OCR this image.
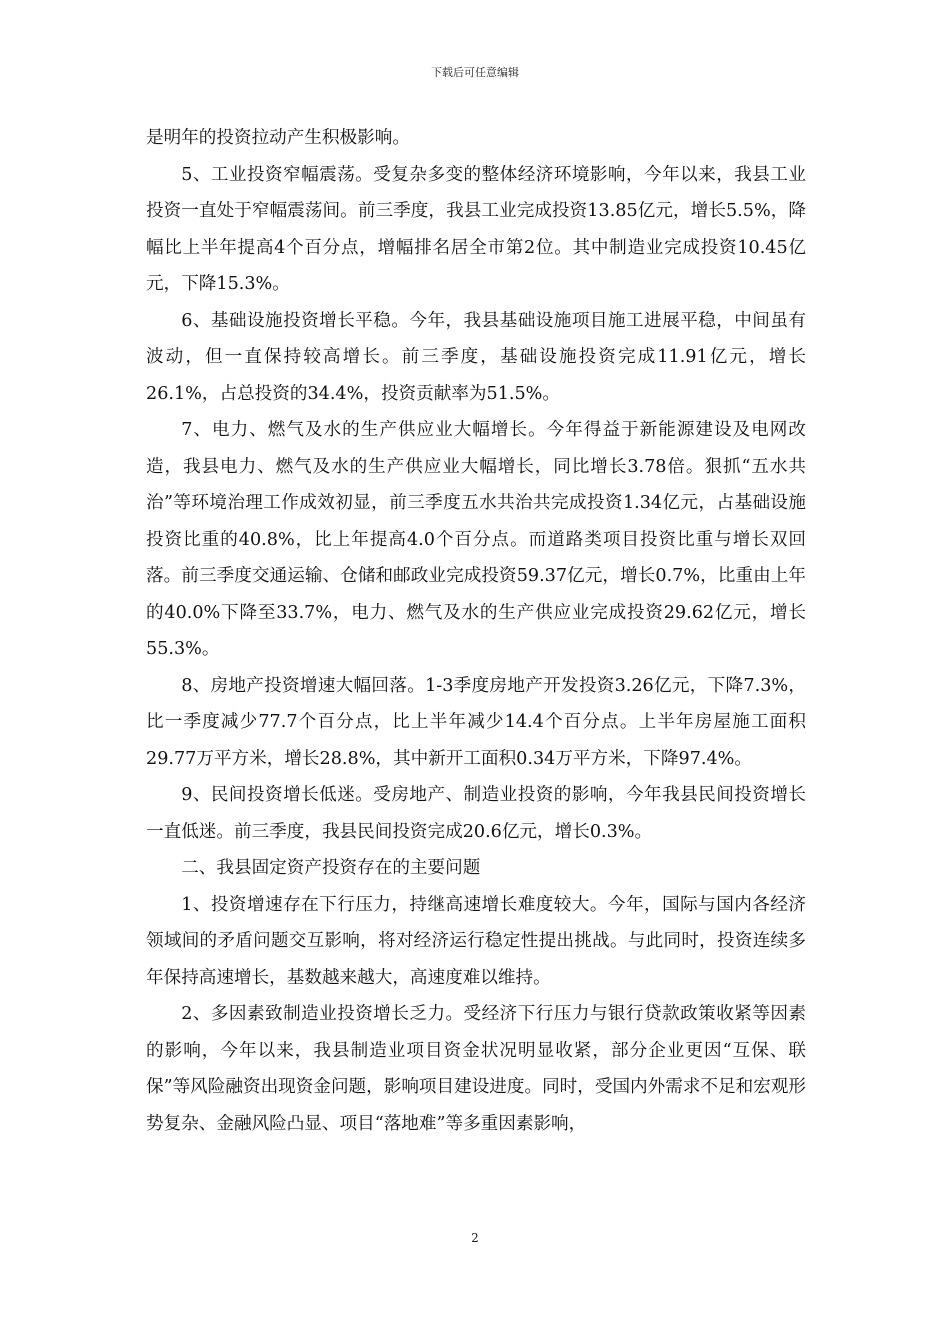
下载后可任意编辑

是明年的投资拉动产生积极影响。

5、工业投资窄幅震荡。受复杂多变的整体经济环境影响，今年以来，我县工业投资一直处于窄幅震荡间。前三季度，我县工业完成投资13.85亿元，增长5.5%，降幅比上半年提高4个百分点，增幅排名居全市第2位。其中制造业完成投资10.45亿元，下降15.3%。

6、基础设施投资增长平稳。今年，我县基础设施项目施工进展平稳，中间虽有波动，但一直保持较高增长。前三季度，基础设施投资完成11.91亿元，增长26.1%，占总投资的34.4%，投资贡献率为51.5%。

7、电力、燃气及水的生产供应业大幅增长。今年得益于新能源建设及电网改造，我县电力、燃气及水的生产供应业大幅增长，同比增长3.78倍。狠抓“五水共治”等环境治理工作成效初显，前三季度五水共治共完成投资1.34亿元，占基础设施投资比重的40.8%，比上年提高4.0个百分点。而道路类项目投资比重与增长双回落。前三季度交通运输、仓储和邮政业完成投资59.37亿元，增长0.7%，比重由上年的40.0%下降至33.7%，电力、燃气及水的生产供应业完成投资29.62亿元，增长55.3%。

8、房地产投资增速大幅回落。1-3季度房地产开发投资3.26亿元，下降7.3%，比一季度减少77.7个百分点，比上半年减少14.4个百分点。上半年房屋施工面积29.77万平方米，增长28.8%，其中新开工面积0.34万平方米，下降97.4%。

9、民间投资增长低迷。受房地产、制造业投资的影响，今年我县民间投资增长一直低迷。前三季度，我县民间投资完成20.6亿元，增长0.3%。

二、我县固定资产投资存在的主要问题

1、投资增速存在下行压力，持继高速增长难度较大。今年，国际与国内各经济领域间的矛盾问题交互影响，将对经济运行稳定性提出挑战。与此同时，投资连续多年保持高速增长，基数越来越大，高速度难以维持。

2、多因素致制造业投资增长乏力。受经济下行压力与银行贷款政策收紧等因素的影响，今年以来，我县制造业项目资金状况明显收紧，部分企业更因“互保、联保”等风险融资出现资金问题，影响项目建设进度。同时，受国内外需求不足和宏观形势复杂、金融风险凸显、项目“落地难”等多重因素影响，

2
